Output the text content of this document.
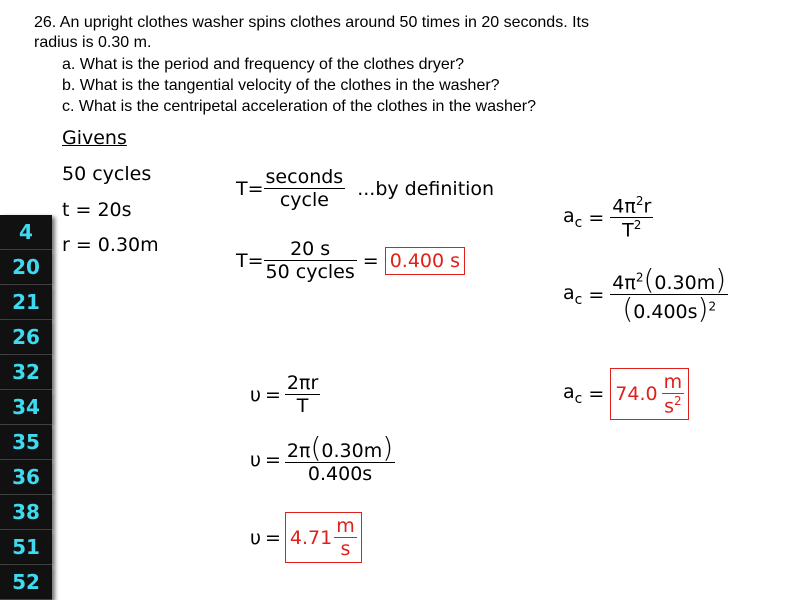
26. An upright clothes washer spins clothes around 50 times in 20 seconds. Its
radius is 0.30 m.
a. What is the period and frequency of the clothes dryer?
b. What is the tangential velocity of the clothes in the washer?
c. What is the centripetal acceleration of the clothes in the washer?
Givens
50 cycles
t = 20s
r = 0.30m
$T= \frac{\text{seconds}}{\text{cycle}} ...by$ definition
$T= \frac{20 s}{\text{50 cycles}} = 0.400$ s
$\upsilon = \frac{2\pi r}{T}$
$\upsilon = \frac{2\pi(0.30m)}{0.400s}$
$\upsilon = 4.71 \frac{m}{s}$
$a_c = \frac{4\pi^2r}{T^2}$
$a_c = \frac{4\pi^2(0.30m)}{(0.400s)^2}$
$a_c = 74.0 \frac{m}{s^2}$
4
20
21
26
32
34
35
36
38
51
52
